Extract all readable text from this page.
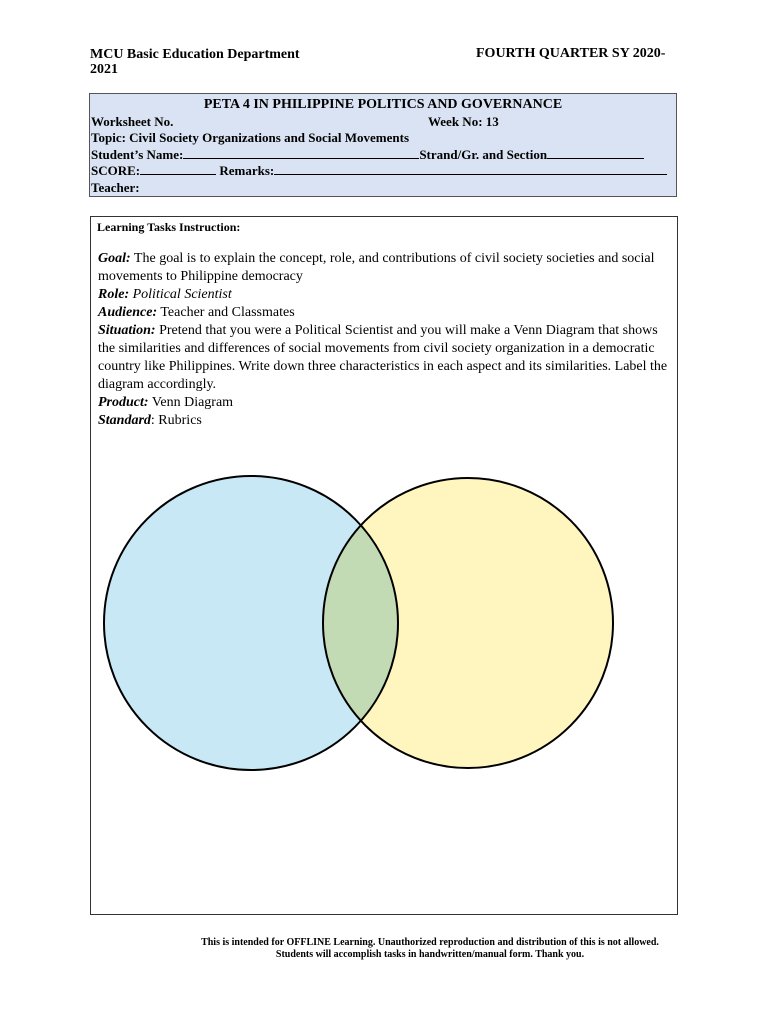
MCU Basic Education Department	FOURTH QUARTER SY 2020-
2021
PETA 4 IN PHILIPPINE POLITICS AND GOVERNANCE
Worksheet No.	Week No: 13
Topic: Civil Society Organizations and Social Movements
Student’s Name:	Strand/Gr. and Section
SCORE:	Remarks:
Teacher:
Learning Tasks Instruction:

Goal: The goal is to explain the concept, role, and contributions of civil society societies and social movements to Philippine democracy

Role: Political Scientist

Audience: Teacher and Classmates

Situation: Pretend that you were a Political Scientist and you will make a Venn Diagram that shows the similarities and differences of social movements from civil society organization in a democratic country like Philippines. Write down three characteristics in each aspect and its similarities. Label the diagram accordingly.

Product: Venn Diagram

Standard: Rubrics

This is intended for OFFLINE Learning. Unauthorized reproduction and distribution of this is not allowed.
Students will accomplish tasks in handwritten/manual form. Thank you.
